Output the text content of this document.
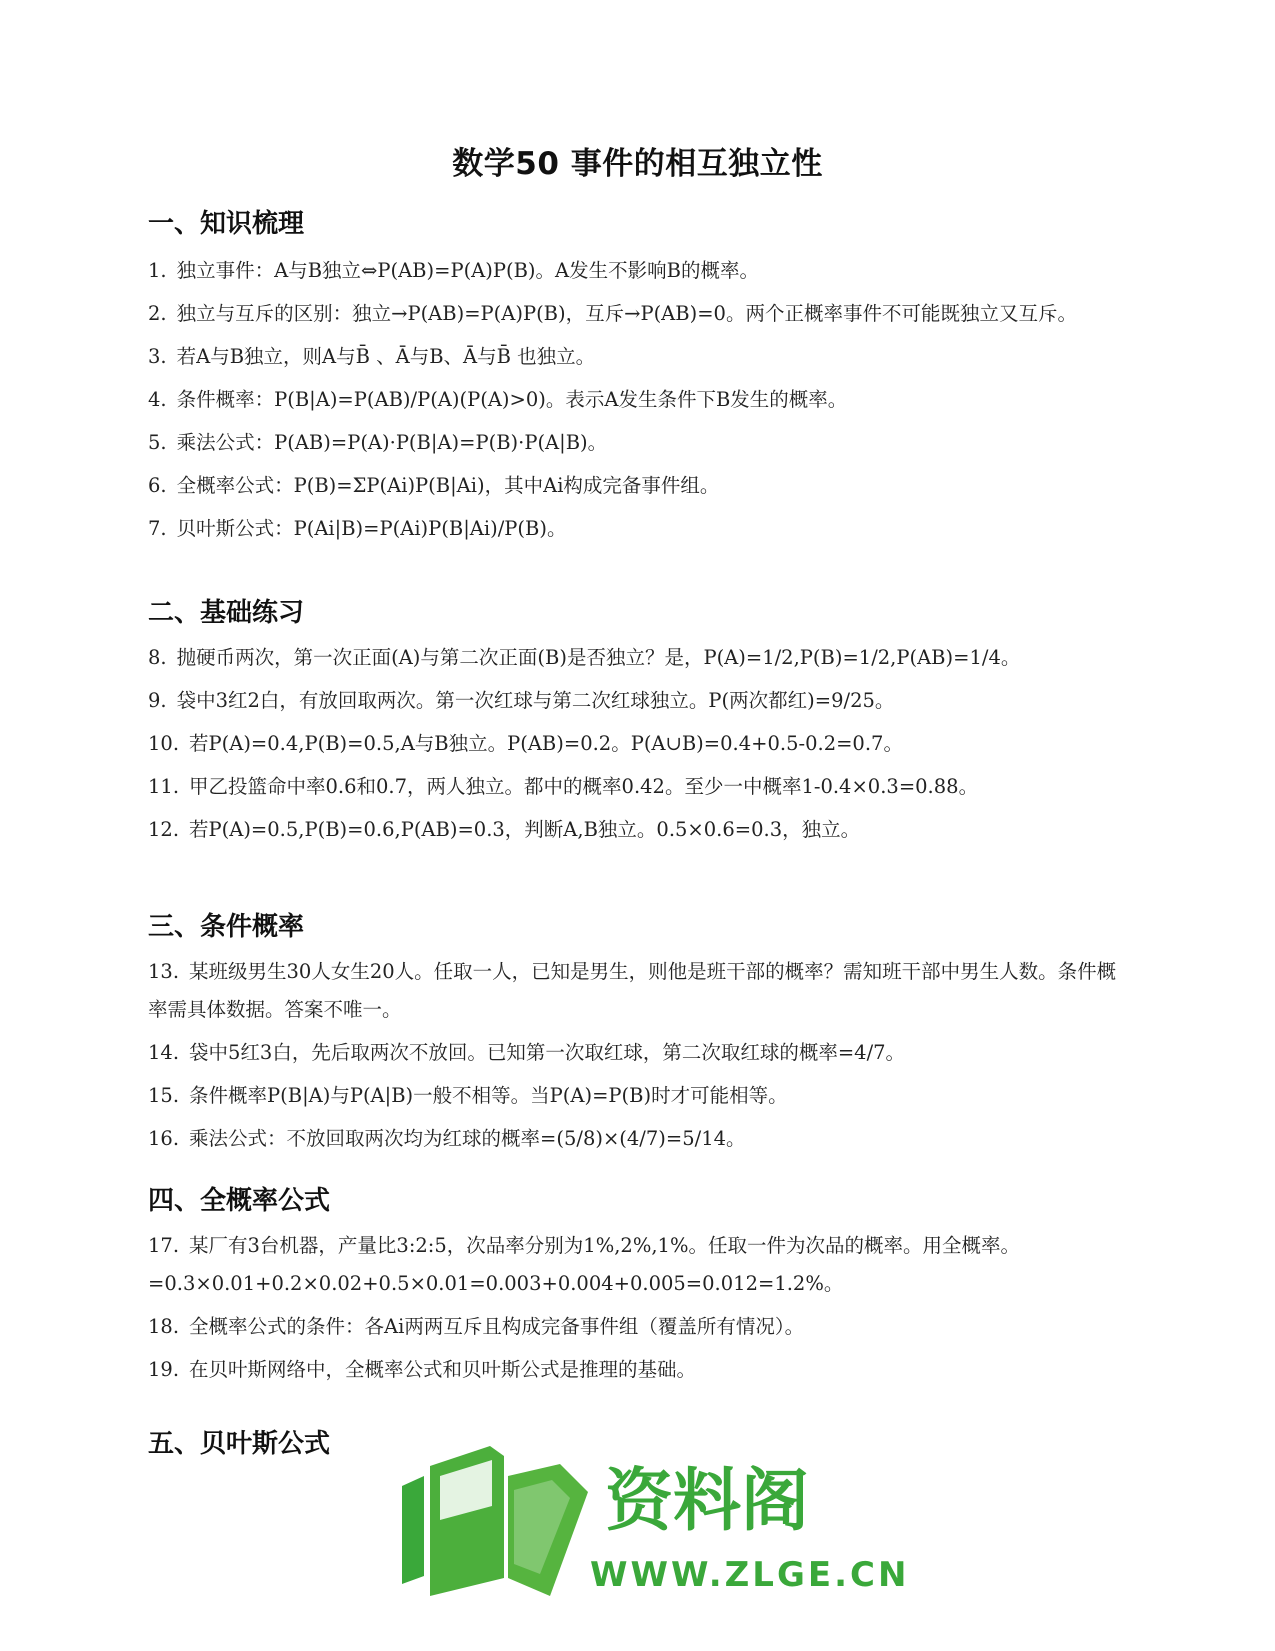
数学50 事件的相互独立性
一、知识梳理

1. 独立事件：A与B独立⇔P(AB)=P(A)P(B)。A发生不影响B的概率。

2. 独立与互斥的区别：独立→P(AB)=P(A)P(B)，互斥→P(AB)=0。两个正概率事件不可能既独立又互斥。

3. 若A与B独立，则A与B̄ 、Ā与B、Ā与B̄ 也独立。

4. 条件概率：P(B|A)=P(AB)/P(A)(P(A)>0)。表示A发生条件下B发生的概率。

5. 乘法公式：P(AB)=P(A)·P(B|A)=P(B)·P(A|B)。

6. 全概率公式：P(B)=ΣP(Ai)P(B|Ai)，其中Ai构成完备事件组。

7. 贝叶斯公式：P(Ai|B)=P(Ai)P(B|Ai)/P(B)。

二、基础练习

8. 抛硬币两次，第一次正面(A)与第二次正面(B)是否独立？是，P(A)=1/2,P(B)=1/2,P(AB)=1/4。

9. 袋中3红2白，有放回取两次。第一次红球与第二次红球独立。P(两次都红)=9/25。

10. 若P(A)=0.4,P(B)=0.5,A与B独立。P(AB)=0.2。P(A∪B)=0.4+0.5-0.2=0.7。

11. 甲乙投篮命中率0.6和0.7，两人独立。都中的概率0.42。至少一中概率1-0.4×0.3=0.88。

12. 若P(A)=0.5,P(B)=0.6,P(AB)=0.3，判断A,B独立。0.5×0.6=0.3，独立。

三、条件概率

13. 某班级男生30人女生20人。任取一人，已知是男生，则他是班干部的概率？需知班干部中男生人数。条件概率需具体数据。答案不唯一。

14. 袋中5红3白，先后取两次不放回。已知第一次取红球，第二次取红球的概率=4/7。

15. 条件概率P(B|A)与P(A|B)一般不相等。当P(A)=P(B)时才可能相等。

16. 乘法公式：不放回取两次均为红球的概率=(5/8)×(4/7)=5/14。

四、全概率公式

17. 某厂有3台机器，产量比3:2:5，次品率分别为1%,2%,1%。任取一件为次品的概率。用全概率。=0.3×0.01+0.2×0.02+0.5×0.01=0.003+0.004+0.005=0.012=1.2%。

18. 全概率公式的条件：各Ai两两互斥且构成完备事件组（覆盖所有情况）。

19. 在贝叶斯网络中，全概率公式和贝叶斯公式是推理的基础。

五、贝叶斯公式
资料阁
WWW.ZLGE.CN
